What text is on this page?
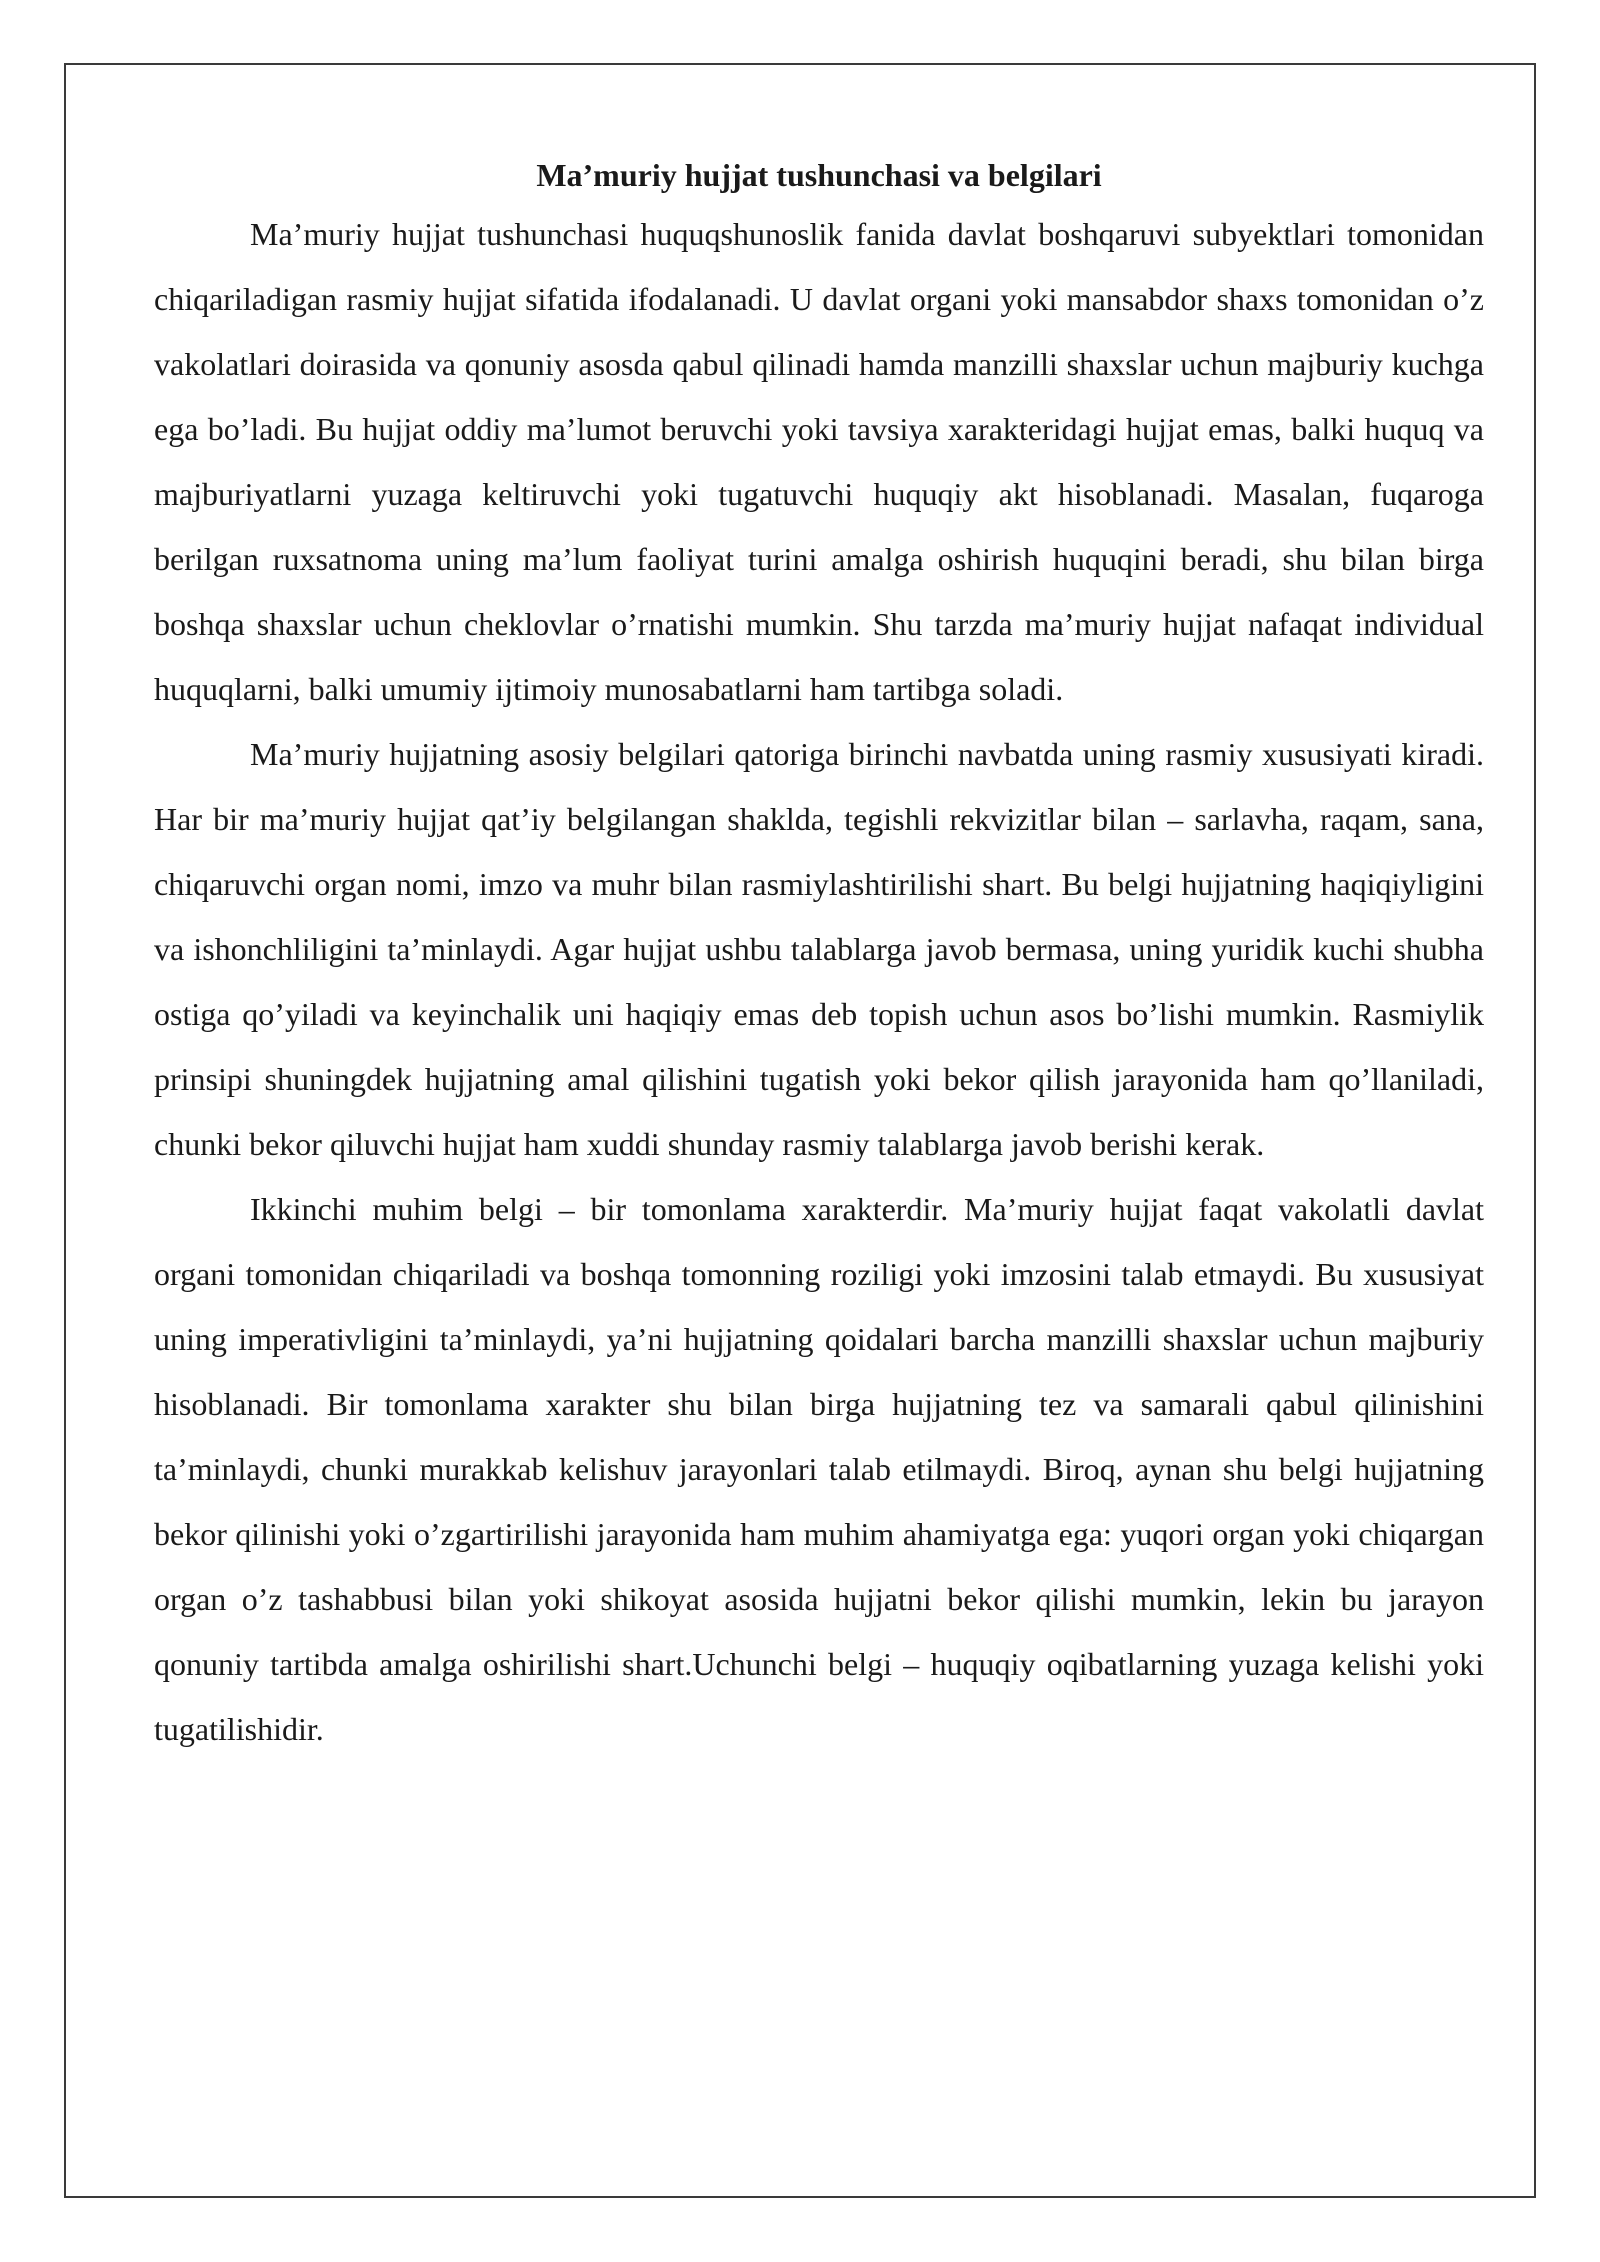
Ma’muriy hujjat tushunchasi va belgilari

Ma’muriy hujjat tushunchasi huquqshunoslik fanida davlat boshqaruvi subyektlari tomonidan chiqariladigan rasmiy hujjat sifatida ifodalanadi. U davlat organi yoki mansabdor shaxs tomonidan o’z vakolatlari doirasida va qonuniy asosda qabul qilinadi hamda manzilli shaxslar uchun majburiy kuchga ega bo’ladi. Bu hujjat oddiy ma’lumot beruvchi yoki tavsiya xarakteridagi hujjat emas, balki huquq va majburiyatlarni yuzaga keltiruvchi yoki tugatuvchi huquqiy akt hisoblanadi. Masalan, fuqaroga berilgan ruxsatnoma uning ma’lum faoliyat turini amalga oshirish huquqini beradi, shu bilan birga boshqa shaxslar uchun cheklovlar o’rnatishi mumkin. Shu tarzda ma’muriy hujjat nafaqat individual huquqlarni, balki umumiy ijtimoiy munosabatlarni ham tartibga soladi.

Ma’muriy hujjatning asosiy belgilari qatoriga birinchi navbatda uning rasmiy xususiyati kiradi. Har bir ma’muriy hujjat qat’iy belgilangan shaklda, tegishli rekvizitlar bilan – sarlavha, raqam, sana, chiqaruvchi organ nomi, imzo va muhr bilan rasmiylashtirilishi shart. Bu belgi hujjatning haqiqiyligini va ishonchliligini ta’minlaydi. Agar hujjat ushbu talablarga javob bermasa, uning yuridik kuchi shubha ostiga qo’yiladi va keyinchalik uni haqiqiy emas deb topish uchun asos bo’lishi mumkin. Rasmiylik prinsipi shuningdek hujjatning amal qilishini tugatish yoki bekor qilish jarayonida ham qo’llaniladi, chunki bekor qiluvchi hujjat ham xuddi shunday rasmiy talablarga javob berishi kerak.

Ikkinchi muhim belgi – bir tomonlama xarakterdir. Ma’muriy hujjat faqat vakolatli davlat organi tomonidan chiqariladi va boshqa tomonning roziligi yoki imzosini talab etmaydi. Bu xususiyat uning imperativligini ta’minlaydi, ya’ni hujjatning qoidalari barcha manzilli shaxslar uchun majburiy hisoblanadi. Bir tomonlama xarakter shu bilan birga hujjatning tez va samarali qabul qilinishini ta’minlaydi, chunki murakkab kelishuv jarayonlari talab etilmaydi. Biroq, aynan shu belgi hujjatning bekor qilinishi yoki o’zgartirilishi jarayonida ham muhim ahamiyatga ega: yuqori organ yoki chiqargan organ o’z tashabbusi bilan yoki shikoyat asosida hujjatni bekor qilishi mumkin, lekin bu jarayon qonuniy tartibda amalga oshirilishi shart.Uchunchi belgi – huquqiy oqibatlarning yuzaga kelishi yoki tugatilishidir.
